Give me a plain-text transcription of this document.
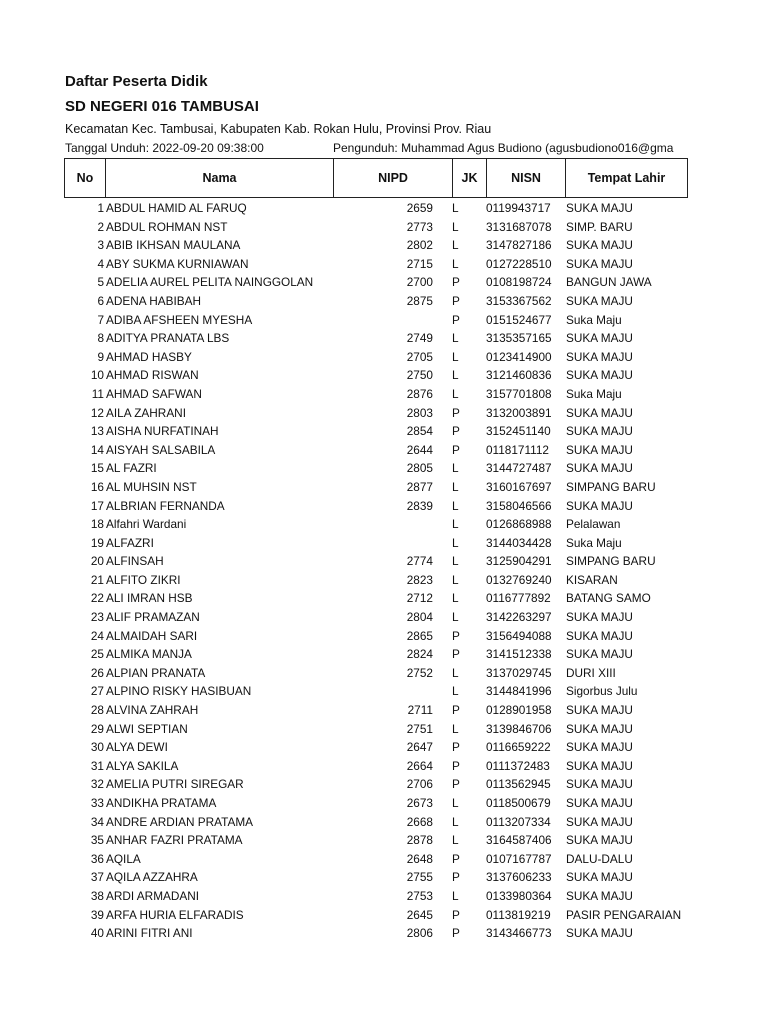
Daftar Peserta Didik
SD NEGERI 016 TAMBUSAI
Kecamatan Kec. Tambusai, Kabupaten Kab. Rokan Hulu, Provinsi Prov. Riau
Tanggal Unduh: 2022-09-20 09:38:00	Pengunduh: Muhammad Agus Budiono (agusbudiono016@gma
No	Nama	NIPD	JK	NISN	Tempat Lahir
1 ABDUL HAMID AL FARUQ	2659 L	0119943717	SUKA MAJU
2 ABDUL ROHMAN NST	2773 L	3131687078	SIMP. BARU
3 ABIB IKHSAN MAULANA	2802 L	3147827186	SUKA MAJU
4 ABY SUKMA KURNIAWAN	2715 L	0127228510	SUKA MAJU
5 ADELIA AUREL PELITA NAINGGOLAN	2700 P	0108198724	BANGUN JAWA
6 ADENA HABIBAH	2875 P	3153367562	SUKA MAJU
7 ADIBA AFSHEEN MYESHA	P	0151524677	Suka Maju
8 ADITYA PRANATA LBS	2749 L	3135357165	SUKA MAJU
9 AHMAD HASBY	2705 L	0123414900	SUKA MAJU
10 AHMAD RISWAN	2750 L	3121460836	SUKA MAJU
11 AHMAD SAFWAN	2876 L	3157701808	Suka Maju
12 AILA ZAHRANI	2803 P	3132003891	SUKA MAJU
13 AISHA NURFATINAH	2854 P	3152451140	SUKA MAJU
14 AISYAH SALSABILA	2644 P	0118171112	SUKA MAJU
15 AL FAZRI	2805 L	3144727487	SUKA MAJU
16 AL MUHSIN NST	2877 L	3160167697	SIMPANG BARU
17 ALBRIAN FERNANDA	2839 L	3158046566	SUKA MAJU
18 Alfahri Wardani	L	0126868988	Pelalawan
19 ALFAZRI	L	3144034428	Suka Maju
20 ALFINSAH	2774 L	3125904291	SIMPANG BARU
21 ALFITO ZIKRI	2823 L	0132769240	KISARAN
22 ALI IMRAN HSB	2712 L	0116777892	BATANG SAMO
23 ALIF PRAMAZAN	2804 L	3142263297	SUKA MAJU
24 ALMAIDAH SARI	2865 P	3156494088	SUKA MAJU
25 ALMIKA MANJA	2824 P	3141512338	SUKA MAJU
26 ALPIAN PRANATA	2752 L	3137029745	DURI XIII
27 ALPINO RISKY HASIBUAN	L	3144841996	Sigorbus Julu
28 ALVINA ZAHRAH	2711 P	0128901958	SUKA MAJU
29 ALWI SEPTIAN	2751 L	3139846706	SUKA MAJU
30 ALYA DEWI	2647 P	0116659222	SUKA MAJU
31 ALYA SAKILA	2664 P	0111372483	SUKA MAJU
32 AMELIA PUTRI SIREGAR	2706 P	0113562945	SUKA MAJU
33 ANDIKHA PRATAMA	2673 L	0118500679	SUKA MAJU
34 ANDRE ARDIAN PRATAMA	2668 L	0113207334	SUKA MAJU
35 ANHAR FAZRI PRATAMA	2878 L	3164587406	SUKA MAJU
36 AQILA	2648 P	0107167787	DALU-DALU
37 AQILA AZZAHRA	2755 P	3137606233	SUKA MAJU
38 ARDI ARMADANI	2753 L	0133980364	SUKA MAJU
39 ARFA HURIA ELFARADIS	2645 P	0113819219	PASIR PENGARAIAN
40 ARINI FITRI ANI	2806 P	3143466773	SUKA MAJU
